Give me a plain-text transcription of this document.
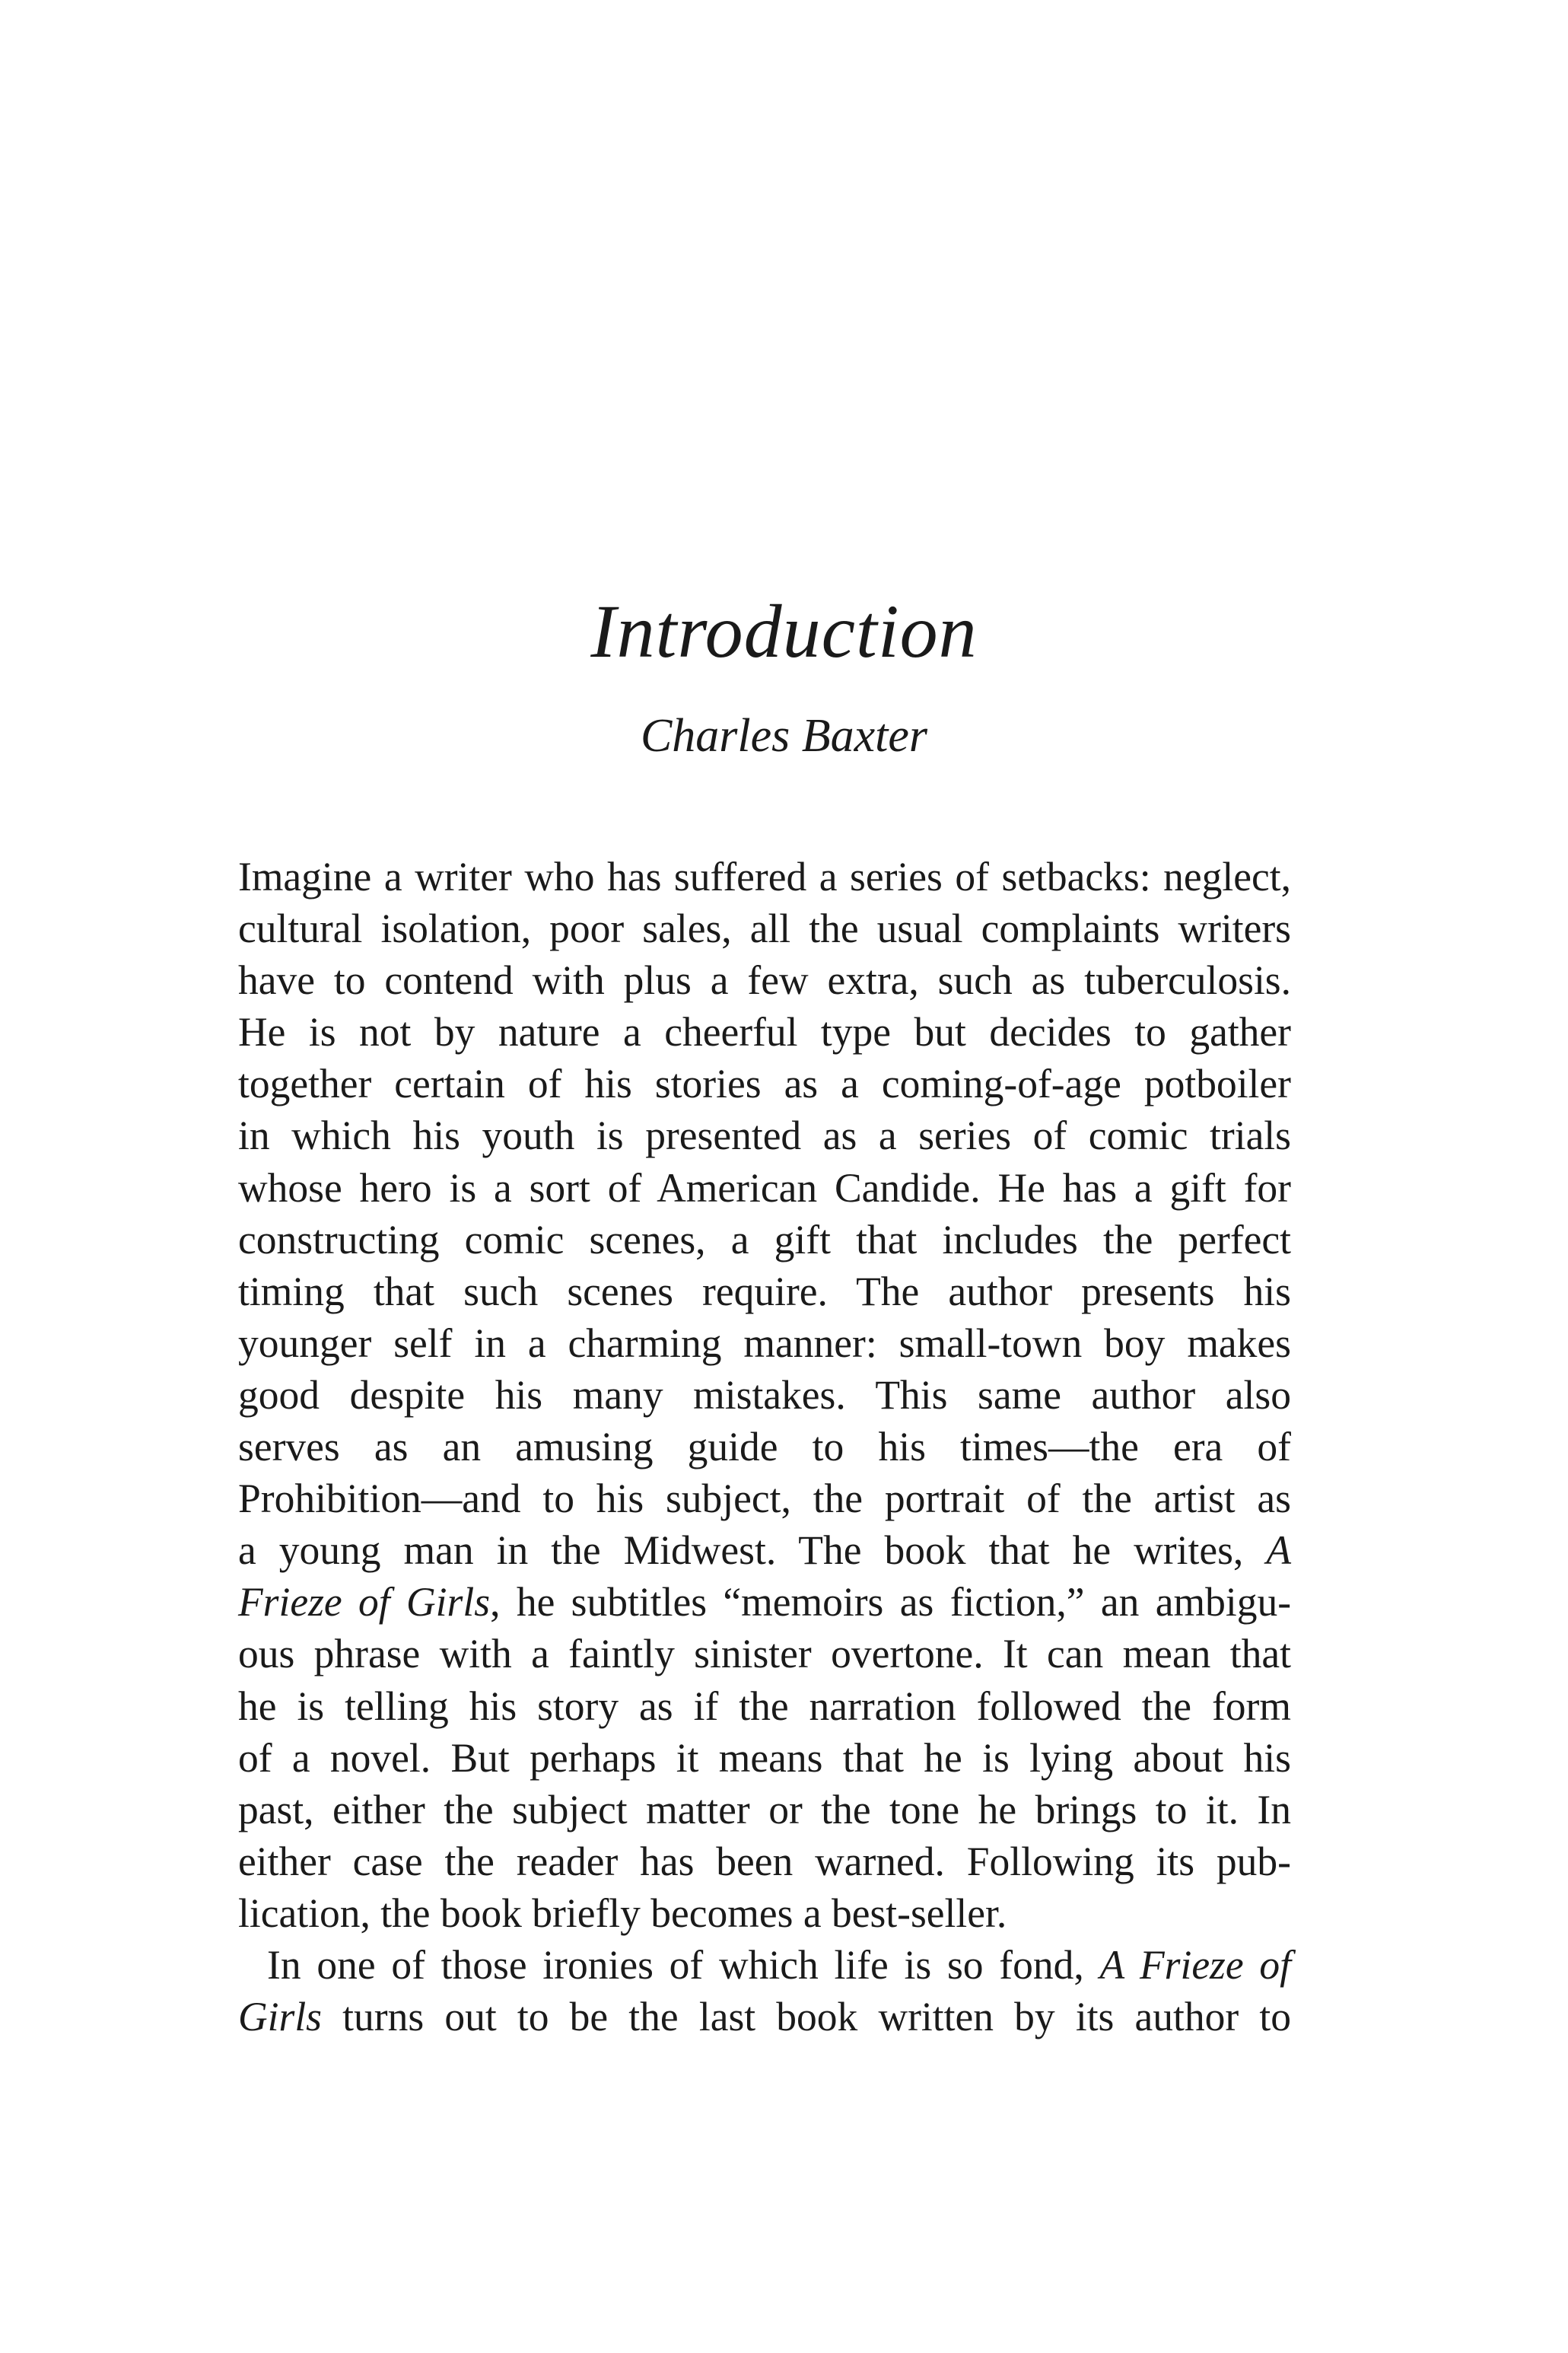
Introduction
Charles Baxter
Imagine a writer who has suffered a series of setbacks: neglect,
cultural isolation, poor sales, all the usual complaints writers
have to contend with plus a few extra, such as tuberculosis.
He is not by nature a cheerful type but decides to gather
together certain of his stories as a coming-of-age potboiler
in which his youth is presented as a series of comic trials
whose hero is a sort of American Candide. He has a gift for
constructing comic scenes, a gift that includes the perfect
timing that such scenes require. The author presents his
younger self in a charming manner: small-town boy makes
good despite his many mistakes. This same author also
serves as an amusing guide to his times—the era of
Prohibition—and to his subject, the portrait of the artist as
a young man in the Midwest. The book that he writes, A
Frieze of Girls, he subtitles “memoirs as fiction,” an ambigu-
ous phrase with a faintly sinister overtone. It can mean that
he is telling his story as if the narration followed the form
of a novel. But perhaps it means that he is lying about his
past, either the subject matter or the tone he brings to it. In
either case the reader has been warned. Following its pub-
lication, the book briefly becomes a best-seller.
In one of those ironies of which life is so fond, A Frieze of
Girls turns out to be the last book written by its author to
